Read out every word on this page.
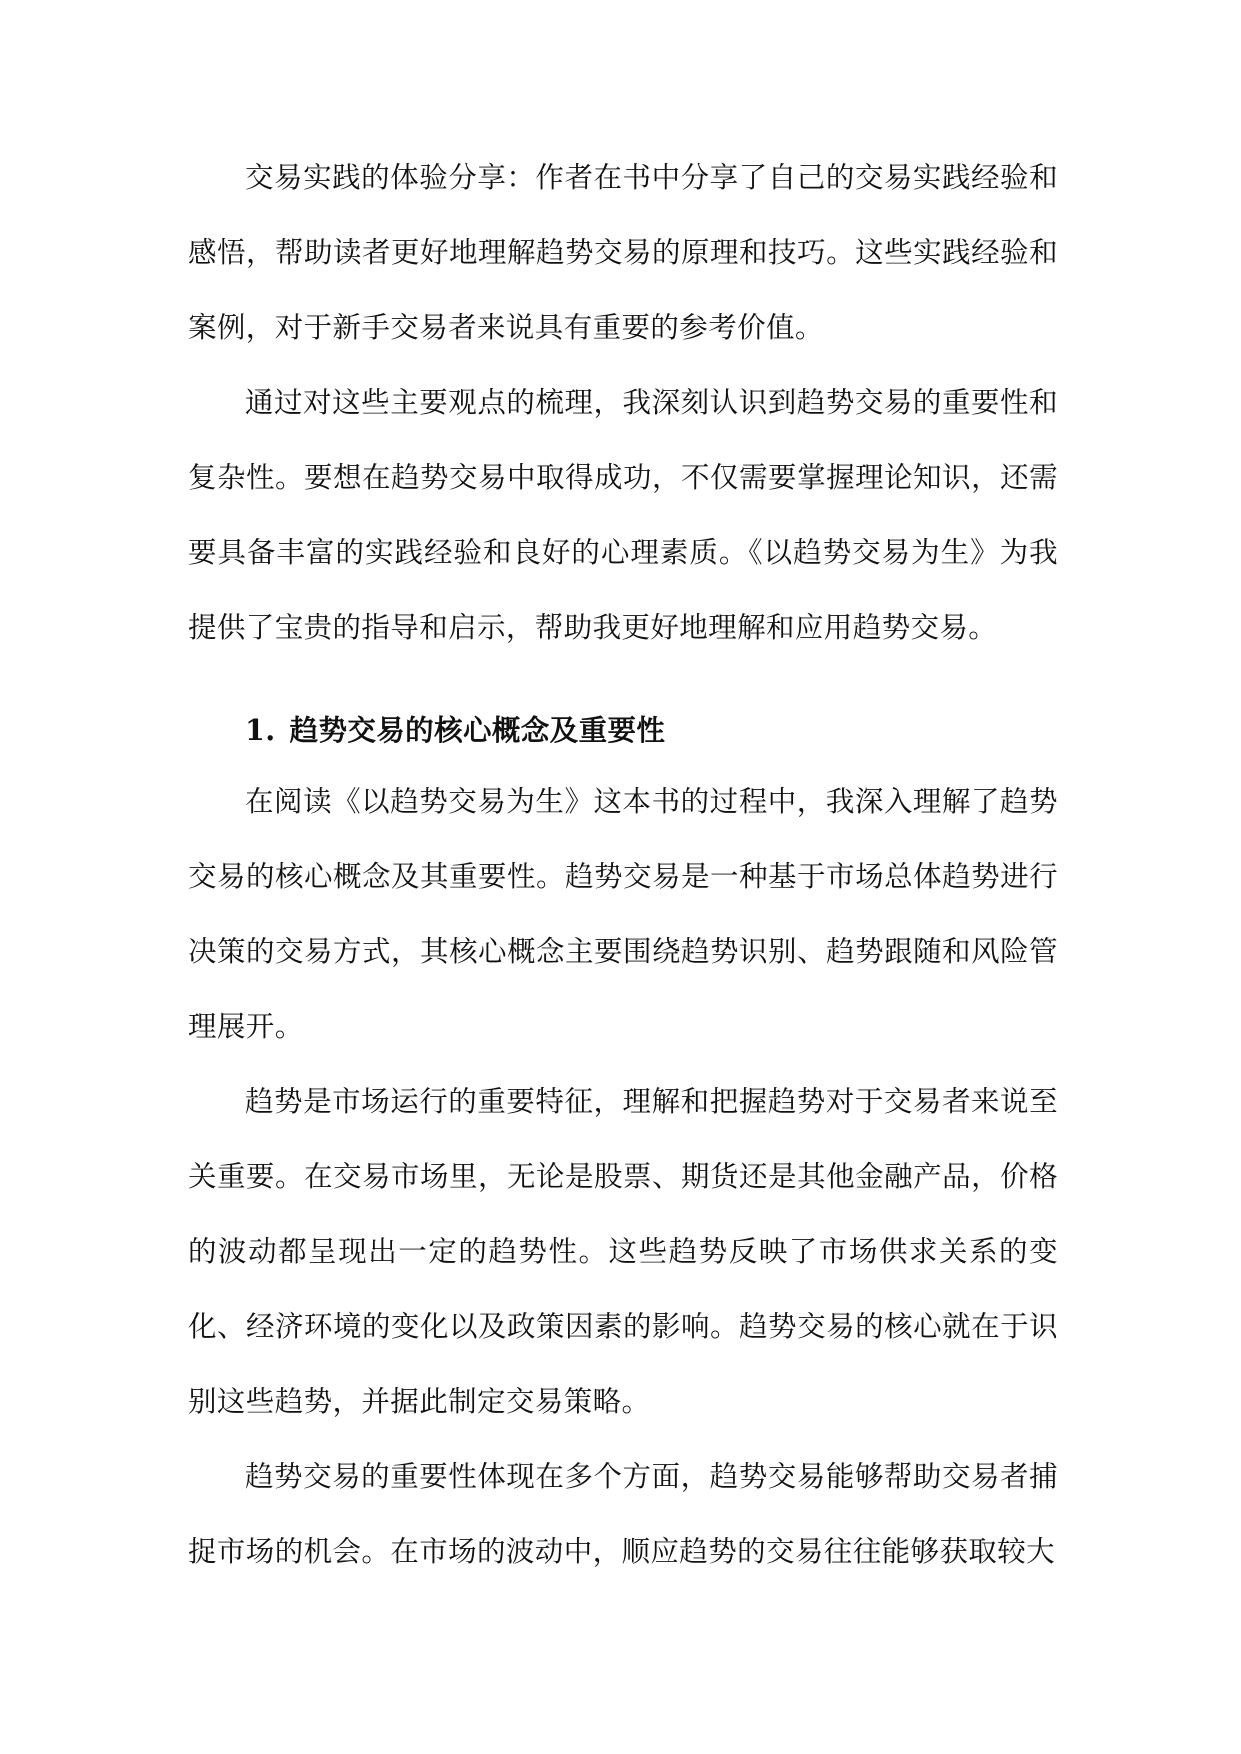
交易实践的体验分享：作者在书中分享了自己的交易实践经验和感悟，帮助读者更好地理解趋势交易的原理和技巧。这些实践经验和案例，对于新手交易者来说具有重要的参考价值。

通过对这些主要观点的梳理，我深刻认识到趋势交易的重要性和复杂性。要想在趋势交易中取得成功，不仅需要掌握理论知识，还需要具备丰富的实践经验和良好的心理素质。《以趋势交易为生》为我提供了宝贵的指导和启示，帮助我更好地理解和应用趋势交易。

1. 趋势交易的核心概念及重要性

在阅读《以趋势交易为生》这本书的过程中，我深入理解了趋势交易的核心概念及其重要性。趋势交易是一种基于市场总体趋势进行决策的交易方式，其核心概念主要围绕趋势识别、趋势跟随和风险管理展开。

趋势是市场运行的重要特征，理解和把握趋势对于交易者来说至关重要。在交易市场里，无论是股票、期货还是其他金融产品，价格的波动都呈现出一定的趋势性。这些趋势反映了市场供求关系的变化、经济环境的变化以及政策因素的影响。趋势交易的核心就在于识别这些趋势，并据此制定交易策略。

趋势交易的重要性体现在多个方面，趋势交易能够帮助交易者捕捉市场的机会。在市场的波动中，顺应趋势的交易往往能够获取较大
